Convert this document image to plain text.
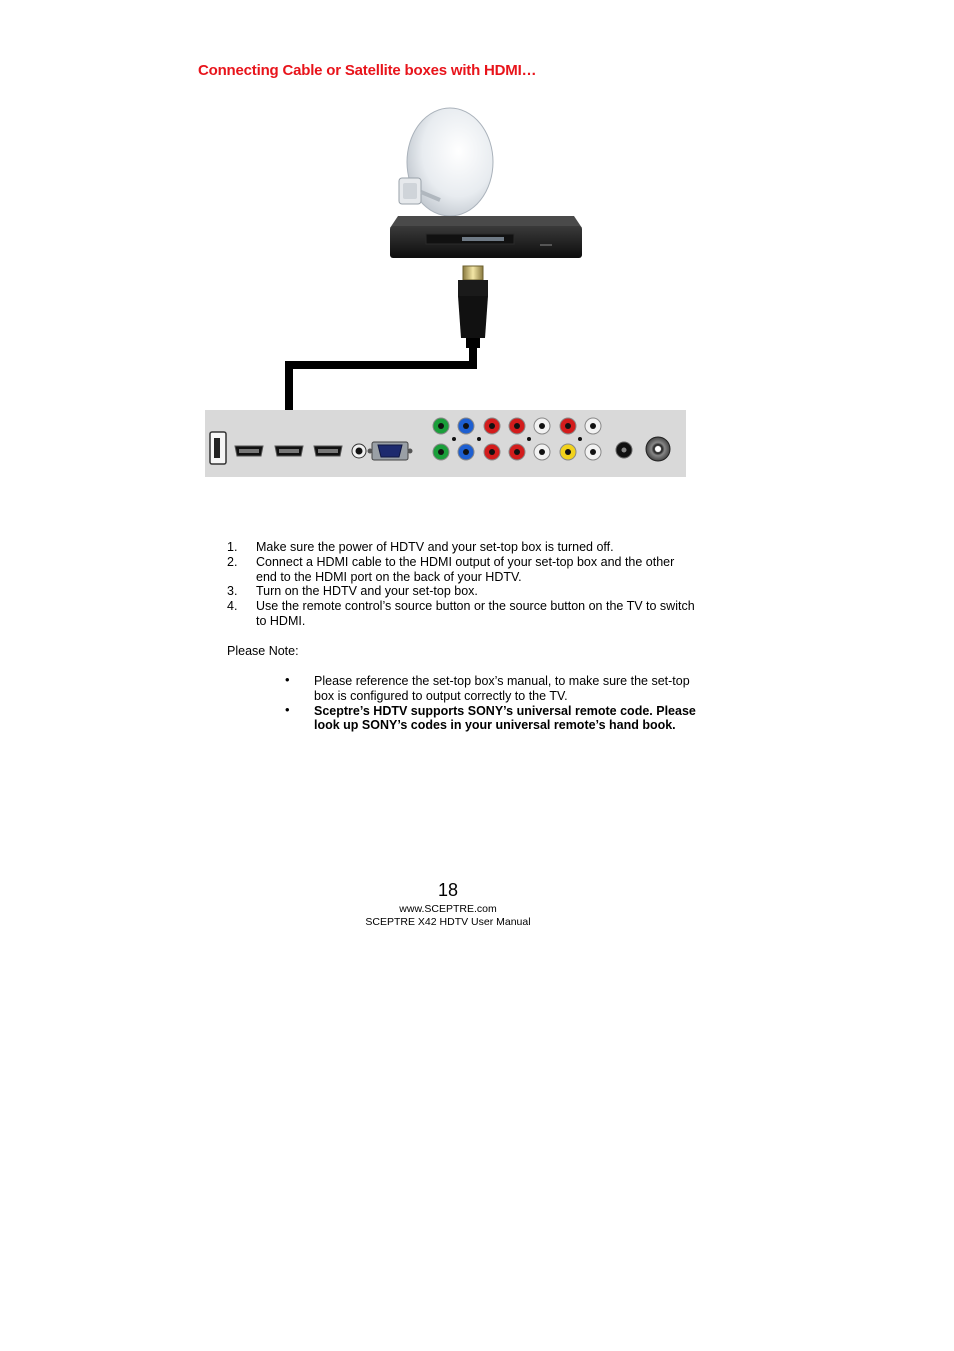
Connecting Cable or Satellite boxes with HDMI…
1. Make sure the power of HDTV and your set-top box is turned off.
2. Connect a HDMI cable to the HDMI output of your set-top box and the other end to the HDMI port on the back of your HDTV.
3. Turn on the HDTV and your set-top box.
4. Use the remote control’s source button or the source button on the TV to switch to HDMI.
Please Note:
• Please reference the set-top box’s manual, to make sure the set-top box is configured to output correctly to the TV.
• Sceptre’s HDTV supports SONY’s universal remote code. Please look up SONY’s codes in your universal remote’s hand book.
18
www.SCEPTRE.com
SCEPTRE X42 HDTV User Manual
